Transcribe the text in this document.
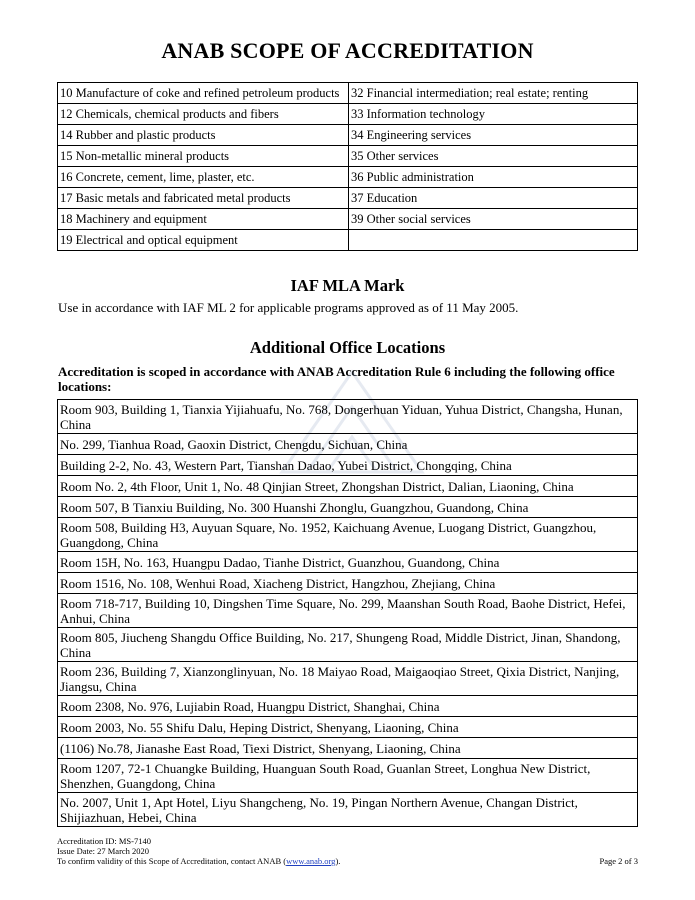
ANAB SCOPE OF ACCREDITATION
10 Manufacture of coke and refined petroleum products	32 Financial intermediation; real estate; renting
12 Chemicals, chemical products and fibers	33 Information technology
14 Rubber and plastic products	34 Engineering services
15 Non-metallic mineral products	35 Other services
16 Concrete, cement, lime, plaster, etc.	36 Public administration
17 Basic metals and fabricated metal products	37 Education
18 Machinery and equipment	39 Other social services
19 Electrical and optical equipment	
IAF MLA Mark

Use in accordance with IAF ML 2 for applicable programs approved as of 11 May 2005.

Additional Office Locations

Accreditation is scoped in accordance with ANAB Accreditation Rule 6 including the following office locations:

Room 903, Building 1, Tianxia Yijiahuafu, No. 768, Dongerhuan Yiduan, Yuhua District, Changsha, Hunan, China
No. 299, Tianhua Road, Gaoxin District, Chengdu, Sichuan, China
Building 2-2, No. 43, Western Part, Tianshan Dadao, Yubei District, Chongqing, China
Room No. 2, 4th Floor, Unit 1, No. 48 Qinjian Street, Zhongshan District, Dalian, Liaoning, China
Room 507, B Tianxiu Building, No. 300 Huanshi Zhonglu, Guangzhou, Guandong, China
Room 508, Building H3, Auyuan Square, No. 1952, Kaichuang Avenue, Luogang District, Guangzhou, Guangdong, China
Room 15H, No. 163, Huangpu Dadao, Tianhe District, Guanzhou, Guandong, China
Room 1516, No. 108, Wenhui Road, Xiacheng District, Hangzhou, Zhejiang, China
Room 718-717, Building 10, Dingshen Time Square, No. 299, Maanshan South Road, Baohe District, Hefei, Anhui, China
Room 805, Jiucheng Shangdu Office Building, No. 217, Shungeng Road, Middle District, Jinan, Shandong, China
Room 236, Building 7, Xianzonglinyuan, No. 18 Maiyao Road, Maigaoqiao Street, Qixia District, Nanjing, Jiangsu, China
Room 2308, No. 976, Lujiabin Road, Huangpu District, Shanghai, China
Room 2003, No. 55 Shifu Dalu, Heping District, Shenyang, Liaoning, China
(1106) No.78, Jianashe East Road, Tiexi District, Shenyang, Liaoning, China
Room 1207, 72-1 Chuangke Building, Huanguan South Road, Guanlan Street, Longhua New District, Shenzhen, Guangdong, China
No. 2007, Unit 1, Apt Hotel, Liyu Shangcheng, No. 19, Pingan Northern Avenue, Changan District, Shijiazhuan, Hebei, China
Accreditation ID: MS-7140
Issue Date: 27 March 2020
To confirm validity of this Scope of Accreditation, contact ANAB (www.anab.org).	Page 2 of 3
